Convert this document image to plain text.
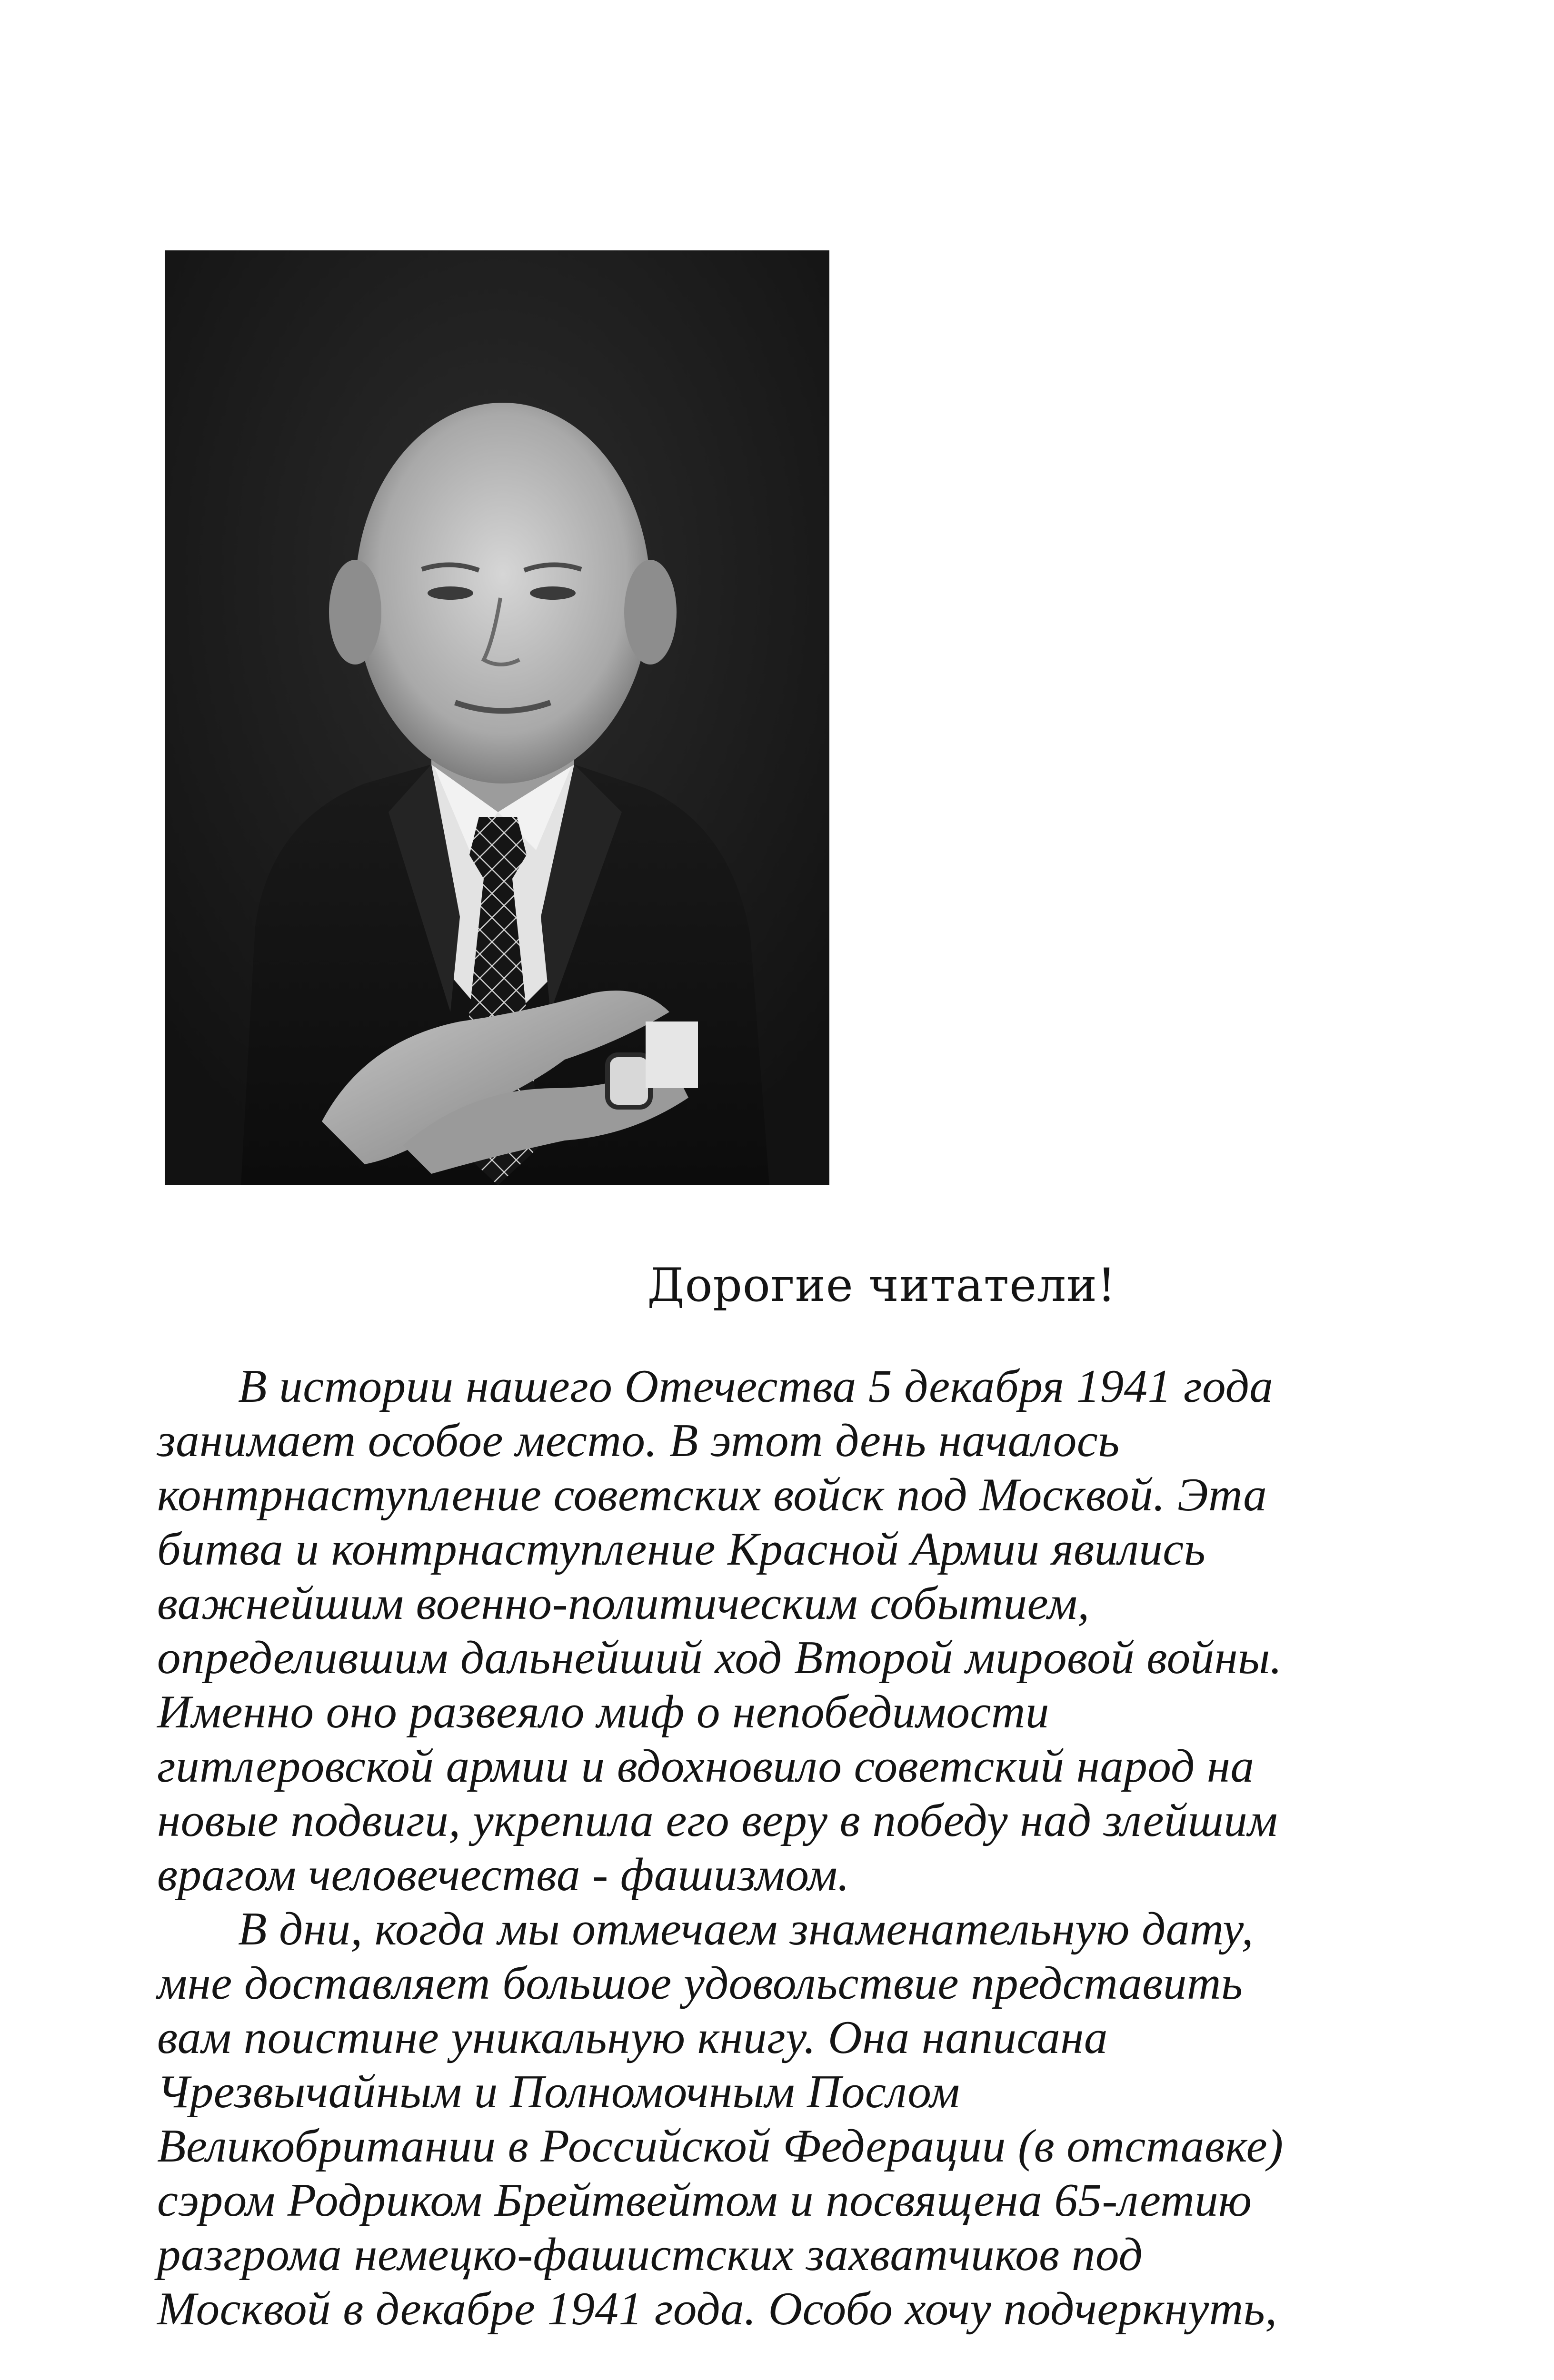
Дорогие читатели!
В истории нашего Отечества 5 декабря 1941 года
занимает особое место. В этот день началось
контрнаступление советских войск под Москвой. Эта
битва и контрнаступление Красной Армии явились
важнейшим военно-политическим событием,
определившим дальнейший ход Второй мировой войны.
Именно оно развеяло миф о непобедимости
гитлеровской армии и вдохновило советский народ на
новые подвиги, укрепила его веру в победу над злейшим
врагом человечества - фашизмом.
В дни, когда мы отмечаем знаменательную дату,
мне доставляет большое удовольствие представить
вам поистине уникальную книгу. Она написана
Чрезвычайным и Полномочным Послом
Великобритании в Российской Федерации (в отставке)
сэром Родриком Брейтвейтом и посвящена 65-летию
разгрома немецко-фашистских захватчиков под
Москвой в декабре 1941 года. Особо хочу подчеркнуть,
